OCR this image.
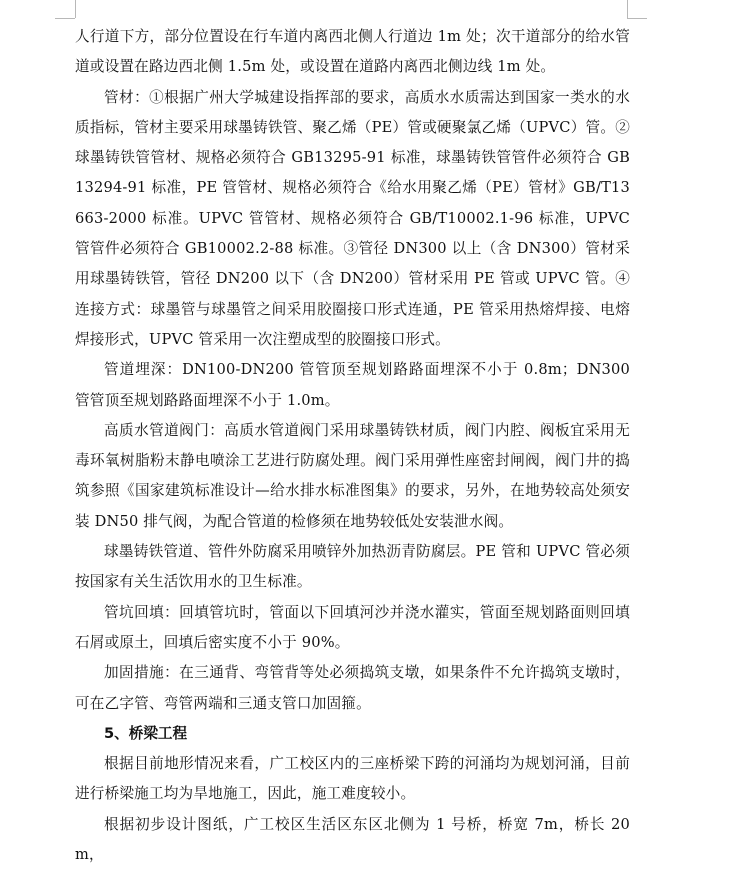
人行道下方，部分位置设在行车道内离西北侧人行道边 1m 处；次干道部分的给水管道或设置在路边西北侧 1.5m 处，或设置在道路内离西北侧边线 1m 处。

管材：①根据广州大学城建设指挥部的要求，高质水水质需达到国家一类水的水质指标，管材主要采用球墨铸铁管、聚乙烯（PE）管或硬聚氯乙烯（UPVC）管。②球墨铸铁管管材、规格必须符合 GB13295-91 标准，球墨铸铁管管件必须符合 GB13294-91 标准，PE 管管材、规格必须符合《给水用聚乙烯（PE）管材》GB/T13663-2000 标准。UPVC 管管材、规格必须符合 GB/T10002.1-96 标准，UPVC 管管件必须符合 GB10002.2-88 标准。③管径 DN300 以上（含 DN300）管材采用球墨铸铁管，管径 DN200 以下（含 DN200）管材采用 PE 管或 UPVC 管。④连接方式：球墨管与球墨管之间采用胶圈接口形式连通，PE 管采用热熔焊接、电熔焊接形式，UPVC 管采用一次注塑成型的胶圈接口形式。

管道埋深：DN100-DN200 管管顶至规划路路面埋深不小于 0.8m；DN300 管管顶至规划路路面埋深不小于 1.0m。

高质水管道阀门：高质水管道阀门采用球墨铸铁材质，阀门内腔、阀板宜采用无毒环氧树脂粉末静电喷涂工艺进行防腐处理。阀门采用弹性座密封闸阀，阀门井的捣筑参照《国家建筑标准设计—给水排水标准图集》的要求，另外，在地势较高处须安装 DN50 排气阀，为配合管道的检修须在地势较低处安装泄水阀。

球墨铸铁管道、管件外防腐采用喷锌外加热沥青防腐层。PE 管和 UPVC 管必须按国家有关生活饮用水的卫生标准。

管坑回填：回填管坑时，管面以下回填河沙并浇水灌实，管面至规划路面则回填石屑或原土，回填后密实度不小于 90%。

加固措施：在三通背、弯管背等处必须捣筑支墩，如果条件不允许捣筑支墩时，可在乙字管、弯管两端和三通支管口加固箍。

5、桥梁工程

根据目前地形情况来看，广工校区内的三座桥梁下跨的河涌均为规划河涌，目前进行桥梁施工均为旱地施工，因此，施工难度较小。

根据初步设计图纸，广工校区生活区东区北侧为 1 号桥，桥宽 7m，桥长 20m，
